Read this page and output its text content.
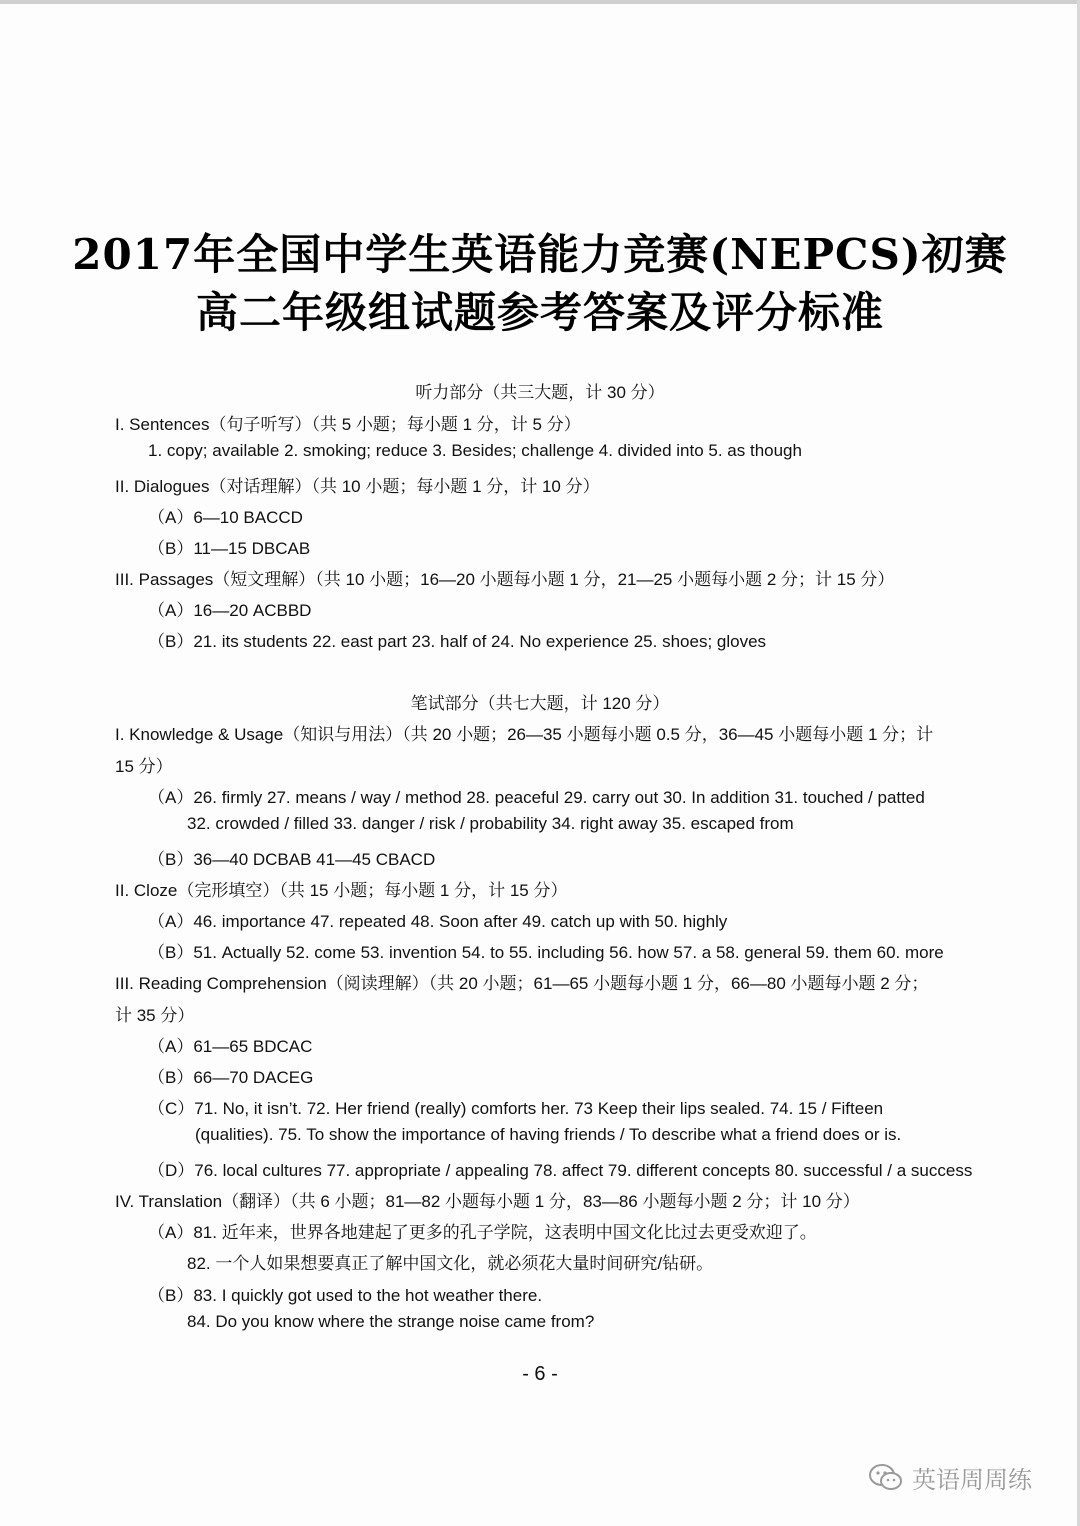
2017年全国中学生英语能力竞赛(NEPCS)初赛
高二年级组试题参考答案及评分标准
听力部分（共三大题，计 30 分）
I. Sentences（句子听写）（共 5 小题；每小题 1 分，计 5 分）
1. copy; available 2. smoking; reduce 3. Besides; challenge 4. divided into 5. as though
II. Dialogues（对话理解）（共 10 小题；每小题 1 分，计 10 分）
（A）6—10 BACCD
（B）11—15 DBCAB
III. Passages（短文理解）（共 10 小题；16—20 小题每小题 1 分，21—25 小题每小题 2 分；计 15 分）
（A）16—20 ACBBD
（B）21. its students 22. east part 23. half of 24. No experience 25. shoes; gloves
笔试部分（共七大题，计 120 分）
I. Knowledge & Usage（知识与用法）（共 20 小题；26—35 小题每小题 0.5 分，36—45 小题每小题 1 分；计
15 分）
（A）26. firmly 27. means / way / method 28. peaceful 29. carry out 30. In addition 31. touched / patted
32. crowded / filled 33. danger / risk / probability 34. right away 35. escaped from
（B）36—40 DCBAB 41—45 CBACD
II. Cloze（完形填空）（共 15 小题；每小题 1 分，计 15 分）
（A）46. importance 47. repeated 48. Soon after 49. catch up with 50. highly
（B）51. Actually 52. come 53. invention 54. to 55. including 56. how 57. a 58. general 59. them 60. more
III. Reading Comprehension（阅读理解）（共 20 小题；61—65 小题每小题 1 分，66—80 小题每小题 2 分；
计 35 分）
（A）61—65 BDCAC
（B）66—70 DACEG
（C）71. No, it isn’t. 72. Her friend (really) comforts her. 73 Keep their lips sealed. 74. 15 / Fifteen
(qualities). 75. To show the importance of having friends / To describe what a friend does or is.
（D）76. local cultures 77. appropriate / appealing 78. affect 79. different concepts 80. successful / a success
IV. Translation（翻译）（共 6 小题；81—82 小题每小题 1 分，83—86 小题每小题 2 分；计 10 分）
（A）81. 近年来，世界各地建起了更多的孔子学院，这表明中国文化比过去更受欢迎了。
82. 一个人如果想要真正了解中国文化，就必须花大量时间研究/钻研。
（B）83. I quickly got used to the hot weather there.
84. Do you know where the strange noise came from?
- 6 -
英语周周练
